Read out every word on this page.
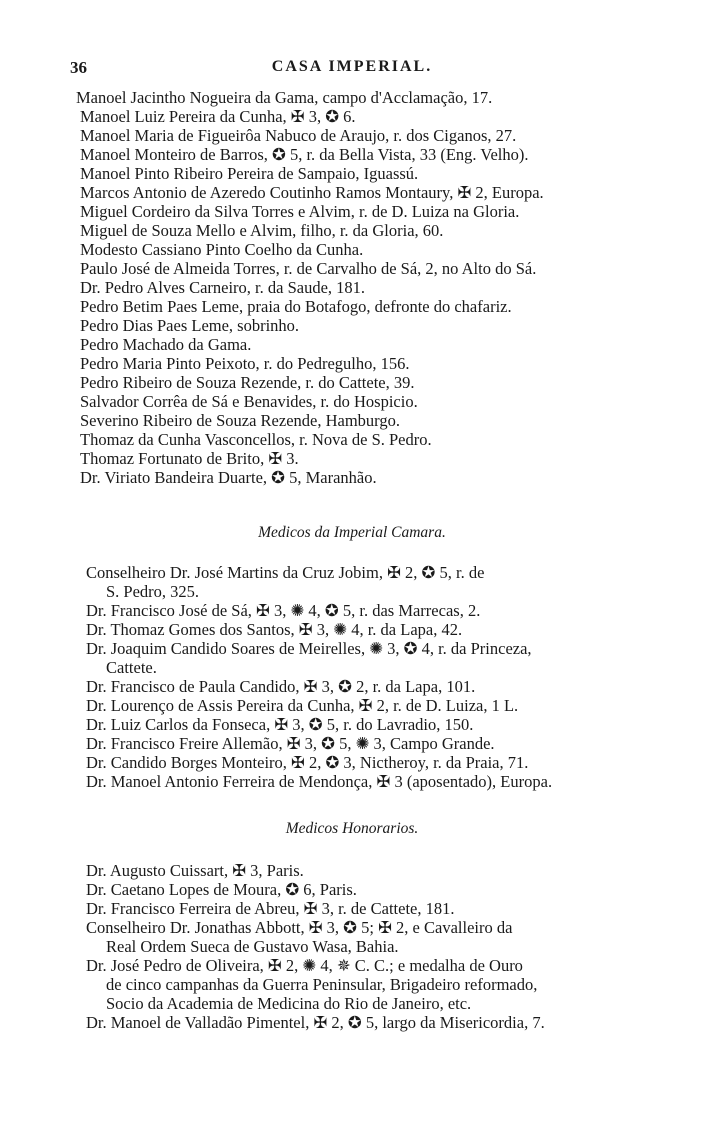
36	CASA IMPERIAL.
Manoel Jacintho Nogueira da Gama, campo d'Acclamação, 17.
Manoel Luiz Pereira da Cunha, ✠ 3, ✪ 6.
Manoel Maria de Figueirôa Nabuco de Araujo, r. dos Ciganos, 27.
Manoel Monteiro de Barros, ✪ 5, r. da Bella Vista, 33 (Eng. Velho).
Manoel Pinto Ribeiro Pereira de Sampaio, Iguassú.
Marcos Antonio de Azeredo Coutinho Ramos Montaury, ✠ 2, Europa.
Miguel Cordeiro da Silva Torres e Alvim, r. de D. Luiza na Gloria.
Miguel de Souza Mello e Alvim, filho, r. da Gloria, 60.
Modesto Cassiano Pinto Coelho da Cunha.
Paulo José de Almeida Torres, r. de Carvalho de Sá, 2, no Alto do Sá.
Dr. Pedro Alves Carneiro, r. da Saude, 181.
Pedro Betim Paes Leme, praia do Botafogo, defronte do chafariz.
Pedro Dias Paes Leme, sobrinho.
Pedro Machado da Gama.
Pedro Maria Pinto Peixoto, r. do Pedregulho, 156.
Pedro Ribeiro de Souza Rezende, r. do Cattete, 39.
Salvador Corrêa de Sá e Benavides, r. do Hospicio.
Severino Ribeiro de Souza Rezende, Hamburgo.
Thomaz da Cunha Vasconcellos, r. Nova de S. Pedro.
Thomaz Fortunato de Brito, ✠ 3.
Dr. Viriato Bandeira Duarte, ✪ 5, Maranhão.
Medicos da Imperial Camara.
Conselheiro Dr. José Martins da Cruz Jobim, ✠ 2, ✪ 5, r. de
S. Pedro, 325.
Dr. Francisco José de Sá, ✠ 3, ✺ 4, ✪ 5, r. das Marrecas, 2.
Dr. Thomaz Gomes dos Santos, ✠ 3, ✺ 4, r. da Lapa, 42.
Dr. Joaquim Candido Soares de Meirelles, ✺ 3, ✪ 4, r. da Princeza,
Cattete.
Dr. Francisco de Paula Candido, ✠ 3, ✪ 2, r. da Lapa, 101.
Dr. Lourenço de Assis Pereira da Cunha, ✠ 2, r. de D. Luiza, 1 L.
Dr. Luiz Carlos da Fonseca, ✠ 3, ✪ 5, r. do Lavradio, 150.
Dr. Francisco Freire Allemão, ✠ 3, ✪ 5, ✺ 3, Campo Grande.
Dr. Candido Borges Monteiro, ✠ 2, ✪ 3, Nictheroy, r. da Praia, 71.
Dr. Manoel Antonio Ferreira de Mendonça, ✠ 3 (aposentado), Europa.
Medicos Honorarios.
Dr. Augusto Cuissart, ✠ 3, Paris.
Dr. Caetano Lopes de Moura, ✪ 6, Paris.
Dr. Francisco Ferreira de Abreu, ✠ 3, r. de Cattete, 181.
Conselheiro Dr. Jonathas Abbott, ✠ 3, ✪ 5; ✠ 2, e Cavalleiro da
Real Ordem Sueca de Gustavo Wasa, Bahia.
Dr. José Pedro de Oliveira, ✠ 2, ✺ 4, ✵ C. C.; e medalha de Ouro
de cinco campanhas da Guerra Peninsular, Brigadeiro reformado,
Socio da Academia de Medicina do Rio de Janeiro, etc.
Dr. Manoel de Valladão Pimentel, ✠ 2, ✪ 5, largo da Misericordia, 7.
